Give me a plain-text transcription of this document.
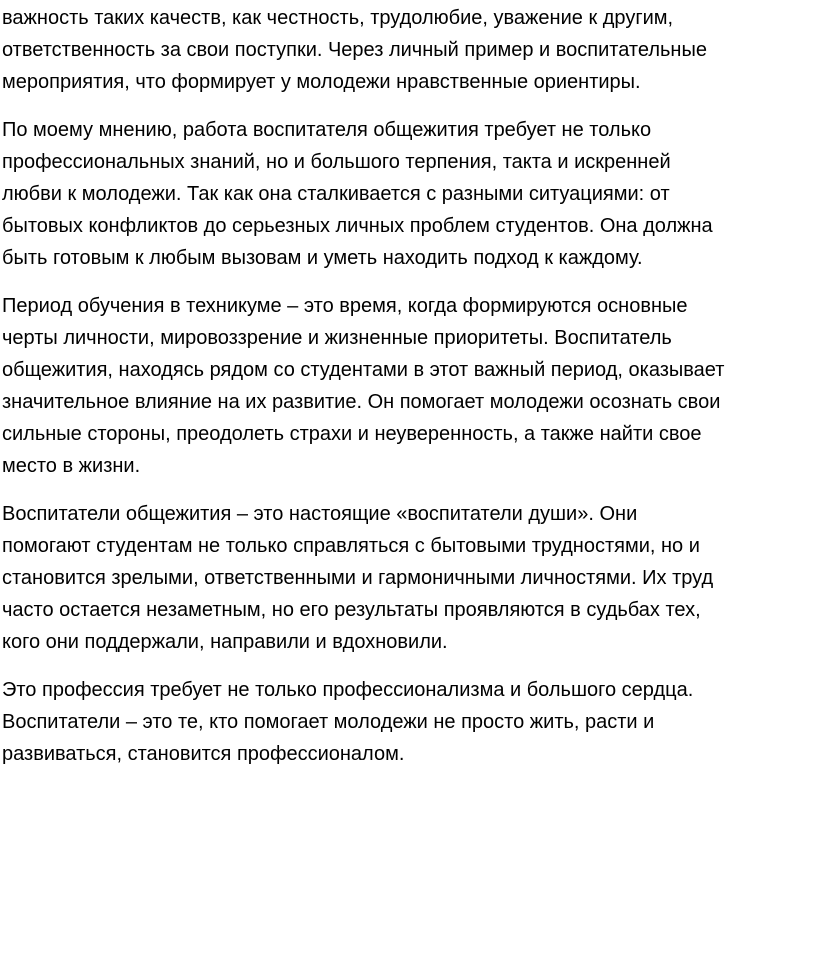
важность таких качеств, как честность, трудолюбие, уважение к другим,
ответственность за свои поступки. Через личный пример и воспитательные
мероприятия, что формирует у молодежи нравственные ориентиры.

По моему мнению, работа воспитателя общежития требует не только
профессиональных знаний, но и большого терпения, такта и искренней
любви к молодежи. Так как она сталкивается с разными ситуациями: от
бытовых конфликтов до серьезных личных проблем студентов. Она должна
быть готовым к любым вызовам и уметь находить подход к каждому.

Период обучения в техникуме – это время, когда формируются основные
черты личности, мировоззрение и жизненные приоритеты. Воспитатель
общежития, находясь рядом со студентами в этот важный период, оказывает
значительное влияние на их развитие. Он помогает молодежи осознать свои
сильные стороны, преодолеть страхи и неуверенность, а также найти свое
место в жизни.

Воспитатели общежития – это настоящие «воспитатели души». Они
помогают студентам не только справляться с бытовыми трудностями, но и
становится зрелыми, ответственными и гармоничными личностями. Их труд
часто остается незаметным, но его результаты проявляются в судьбах тех,
кого они поддержали, направили и вдохновили.

Это профессия требует не только профессионализма и большого сердца.
Воспитатели – это те, кто помогает молодежи не просто жить, расти и
развиваться, становится профессионалом.
